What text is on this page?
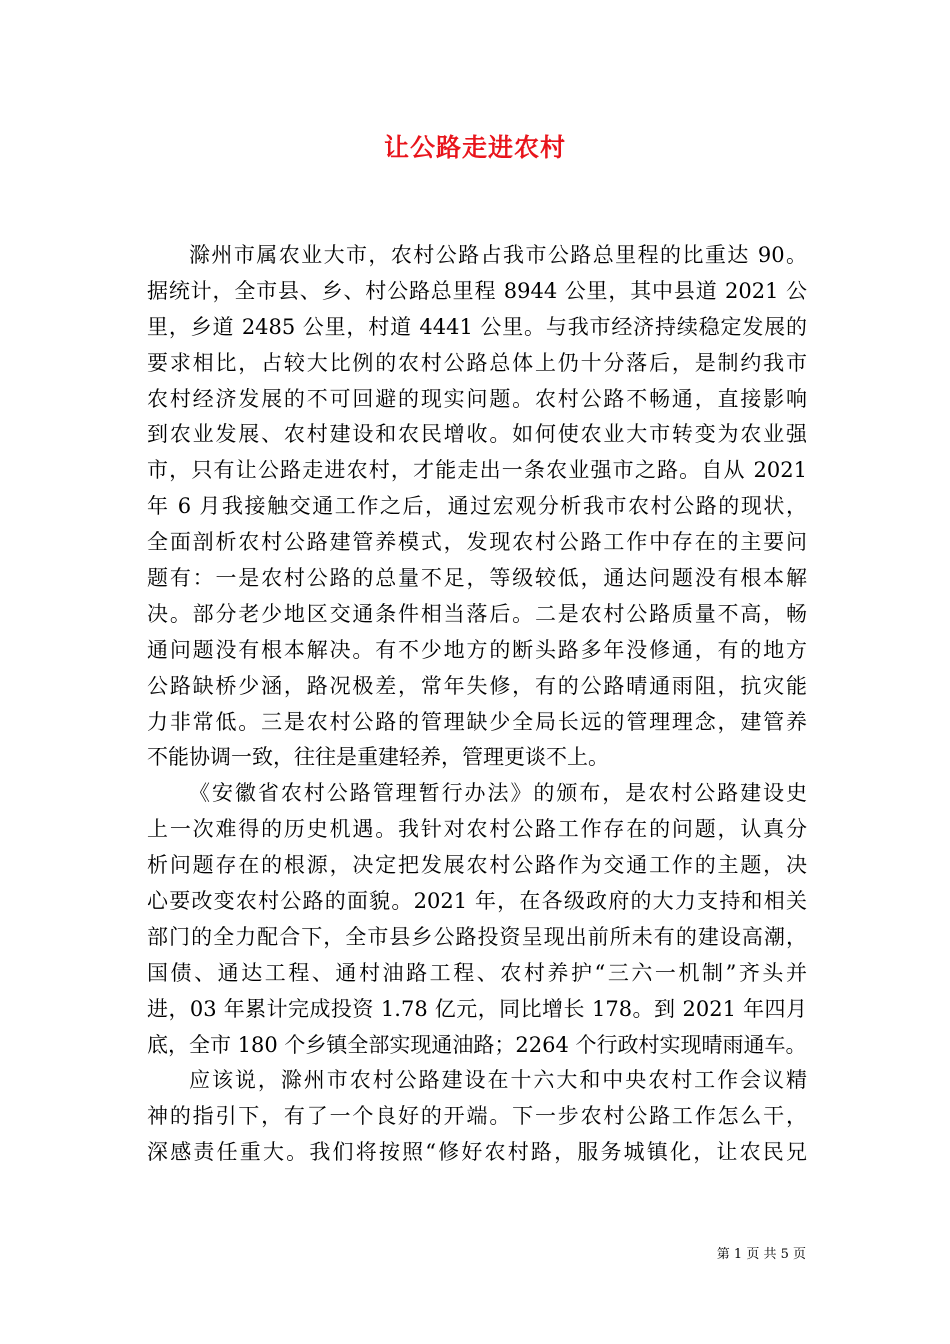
让公路走进农村
滁州市属农业大市，农村公路占我市公路总里程的比重达 90。
据统计，全市县、乡、村公路总里程 8944 公里，其中县道 2021 公
里，乡道 2485 公里，村道 4441 公里。与我市经济持续稳定发展的
要求相比，占较大比例的农村公路总体上仍十分落后，是制约我市
农村经济发展的不可回避的现实问题。农村公路不畅通，直接影响
到农业发展、农村建设和农民增收。如何使农业大市转变为农业强
市，只有让公路走进农村，才能走出一条农业强市之路。自从 2021
年 6 月我接触交通工作之后，通过宏观分析我市农村公路的现状，
全面剖析农村公路建管养模式，发现农村公路工作中存在的主要问
题有：一是农村公路的总量不足，等级较低，通达问题没有根本解
决。部分老少地区交通条件相当落后。二是农村公路质量不高，畅
通问题没有根本解决。有不少地方的断头路多年没修通，有的地方
公路缺桥少涵，路况极差，常年失修，有的公路晴通雨阻，抗灾能
力非常低。三是农村公路的管理缺少全局长远的管理理念，建管养
不能协调一致，往往是重建轻养，管理更谈不上。
《安徽省农村公路管理暂行办法》的颁布，是农村公路建设史
上一次难得的历史机遇。我针对农村公路工作存在的问题，认真分
析问题存在的根源，决定把发展农村公路作为交通工作的主题，决
心要改变农村公路的面貌。2021 年，在各级政府的大力支持和相关
部门的全力配合下，全市县乡公路投资呈现出前所未有的建设高潮，
国债、通达工程、通村油路工程、农村养护“三六一机制”齐头并
进，03 年累计完成投资 1.78 亿元，同比增长 178。到 2021 年四月
底，全市 180 个乡镇全部实现通油路；2264 个行政村实现晴雨通车。
应该说，滁州市农村公路建设在十六大和中央农村工作会议精
神的指引下，有了一个良好的开端。下一步农村公路工作怎么干，
深感责任重大。我们将按照“修好农村路，服务城镇化，让农民兄
第 1 页 共 5 页
